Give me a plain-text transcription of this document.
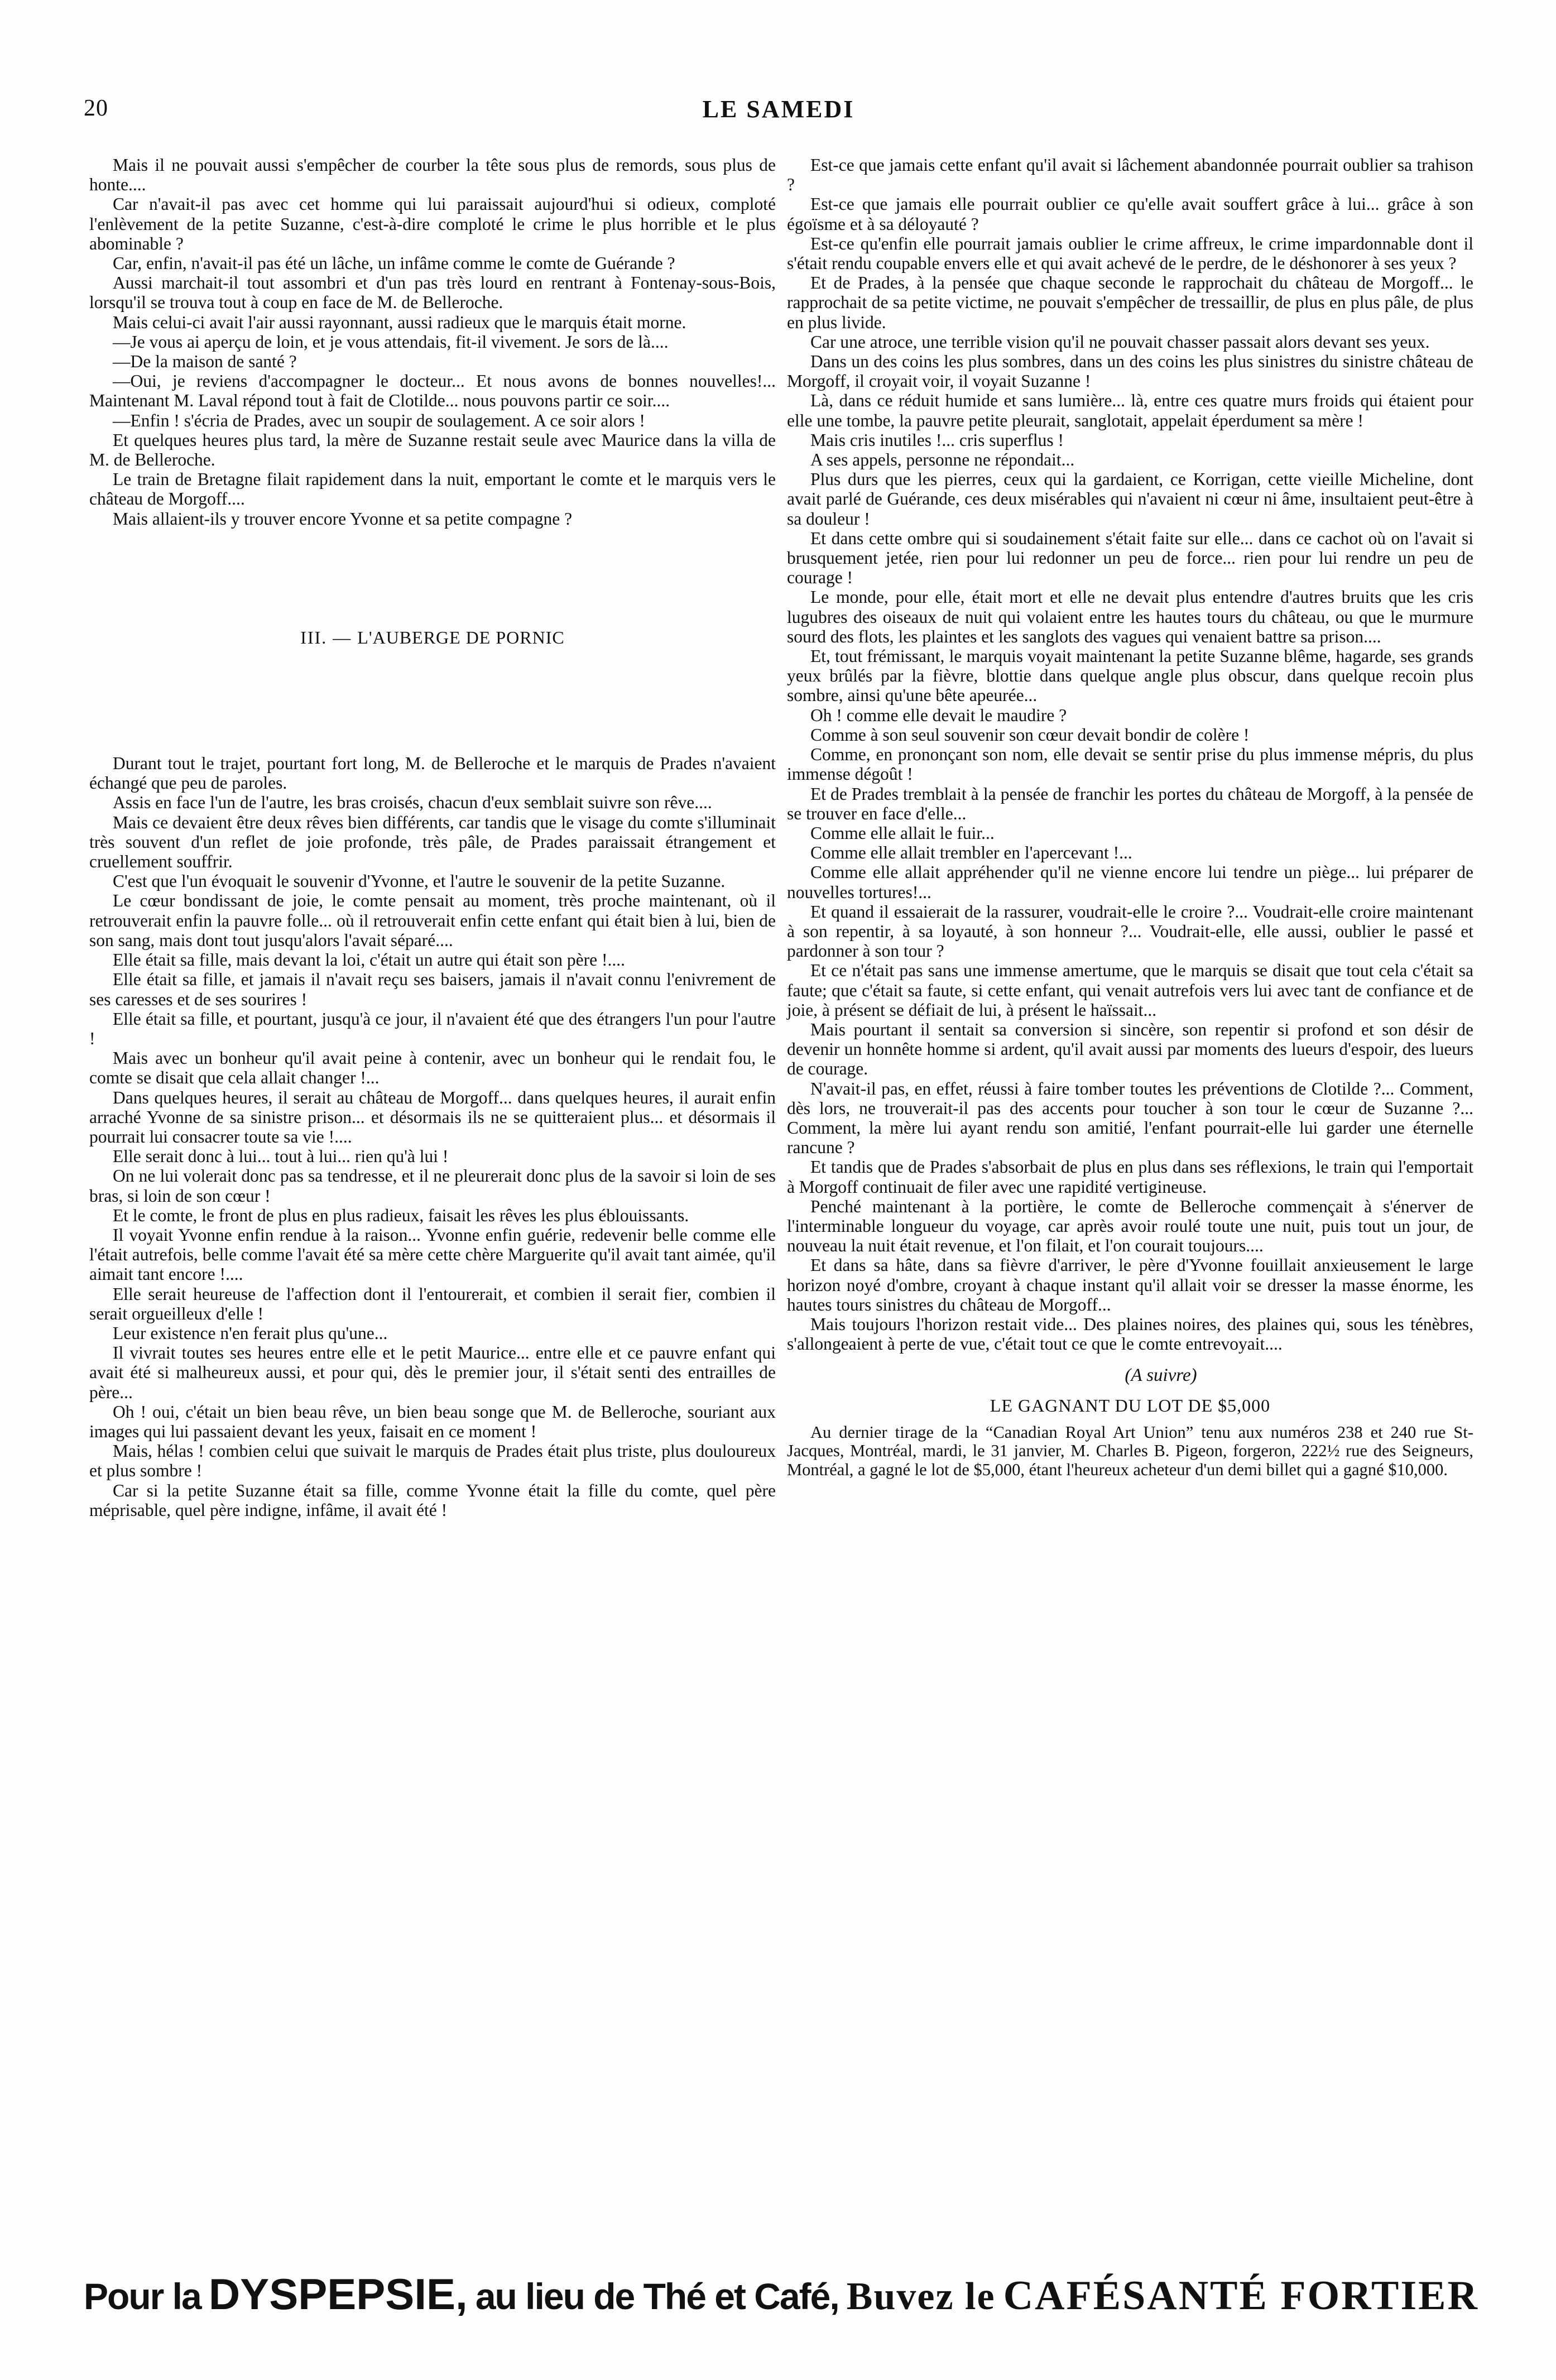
20	LE SAMEDI

Mais il ne pouvait aussi s'empêcher de courber la tête sous plus de remords, sous plus de honte....

Car n'avait-il pas avec cet homme qui lui paraissait aujourd'hui si odieux, comploté l'enlèvement de la petite Suzanne, c'est-à-dire comploté le crime le plus horrible et le plus abominable ?

Car, enfin, n'avait-il pas été un lâche, un infâme comme le comte de Guérande ?

Aussi marchait-il tout assombri et d'un pas très lourd en rentrant à Fontenay-sous-Bois, lorsqu'il se trouva tout à coup en face de M. de Belleroche.

Mais celui-ci avait l'air aussi rayonnant, aussi radieux que le marquis était morne.

—Je vous ai aperçu de loin, et je vous attendais, fit-il vivement. Je sors de là....

—De la maison de santé ?

—Oui, je reviens d'accompagner le docteur... Et nous avons de bonnes nouvelles!... Maintenant M. Laval répond tout à fait de Clotilde... nous pouvons partir ce soir....

—Enfin ! s'écria de Prades, avec un soupir de soulagement. A ce soir alors !

Et quelques heures plus tard, la mère de Suzanne restait seule avec Maurice dans la villa de M. de Belleroche.

Le train de Bretagne filait rapidement dans la nuit, emportant le comte et le marquis vers le château de Morgoff....

Mais allaient-ils y trouver encore Yvonne et sa petite compagne ?

III. — L'AUBERGE DE PORNIC

Durant tout le trajet, pourtant fort long, M. de Belleroche et le marquis de Prades n'avaient échangé que peu de paroles.

Assis en face l'un de l'autre, les bras croisés, chacun d'eux semblait suivre son rêve....

Mais ce devaient être deux rêves bien différents, car tandis que le visage du comte s'illuminait très souvent d'un reflet de joie profonde, très pâle, de Prades paraissait étrangement et cruellement souffrir.

C'est que l'un évoquait le souvenir d'Yvonne, et l'autre le souvenir de la petite Suzanne.

Le cœur bondissant de joie, le comte pensait au moment, très proche maintenant, où il retrouverait enfin la pauvre folle... où il retrouverait enfin cette enfant qui était bien à lui, bien de son sang, mais dont tout jusqu'alors l'avait séparé....

Elle était sa fille, mais devant la loi, c'était un autre qui était son père !....

Elle était sa fille, et jamais il n'avait reçu ses baisers, jamais il n'avait connu l'enivrement de ses caresses et de ses sourires !

Elle était sa fille, et pourtant, jusqu'à ce jour, il n'avaient été que des étrangers l'un pour l'autre !

Mais avec un bonheur qu'il avait peine à contenir, avec un bonheur qui le rendait fou, le comte se disait que cela allait changer !...

Dans quelques heures, il serait au château de Morgoff... dans quelques heures, il aurait enfin arraché Yvonne de sa sinistre prison... et désormais ils ne se quitteraient plus... et désormais il pourrait lui consacrer toute sa vie !....

Elle serait donc à lui... tout à lui... rien qu'à lui !

On ne lui volerait donc pas sa tendresse, et il ne pleurerait donc plus de la savoir si loin de ses bras, si loin de son cœur !

Et le comte, le front de plus en plus radieux, faisait les rêves les plus éblouissants.

Il voyait Yvonne enfin rendue à la raison... Yvonne enfin guérie, redevenir belle comme elle l'était autrefois, belle comme l'avait été sa mère cette chère Marguerite qu'il avait tant aimée, qu'il aimait tant encore !....

Elle serait heureuse de l'affection dont il l'entourerait, et combien il serait fier, combien il serait orgueilleux d'elle !

Leur existence n'en ferait plus qu'une...

Il vivrait toutes ses heures entre elle et le petit Maurice... entre elle et ce pauvre enfant qui avait été si malheureux aussi, et pour qui, dès le premier jour, il s'était senti des entrailles de père...

Oh ! oui, c'était un bien beau rêve, un bien beau songe que M. de Belleroche, souriant aux images qui lui passaient devant les yeux, faisait en ce moment !

Mais, hélas ! combien celui que suivait le marquis de Prades était plus triste, plus douloureux et plus sombre !

Car si la petite Suzanne était sa fille, comme Yvonne était la fille du comte, quel père méprisable, quel père indigne, infâme, il avait été !

Est-ce que jamais cette enfant qu'il avait si lâchement abandonnée pourrait oublier sa trahison ?

Est-ce que jamais elle pourrait oublier ce qu'elle avait souffert grâce à lui... grâce à son égoïsme et à sa déloyauté ?

Est-ce qu'enfin elle pourrait jamais oublier le crime affreux, le crime impardonnable dont il s'était rendu coupable envers elle et qui avait achevé de le perdre, de le déshonorer à ses yeux ?

Et de Prades, à la pensée que chaque seconde le rapprochait du château de Morgoff... le rapprochait de sa petite victime, ne pouvait s'empêcher de tressaillir, de plus en plus pâle, de plus en plus livide.

Car une atroce, une terrible vision qu'il ne pouvait chasser passait alors devant ses yeux.

Dans un des coins les plus sombres, dans un des coins les plus sinistres du sinistre château de Morgoff, il croyait voir, il voyait Suzanne !

Là, dans ce réduit humide et sans lumière... là, entre ces quatre murs froids qui étaient pour elle une tombe, la pauvre petite pleurait, sanglotait, appelait éperdument sa mère !

Mais cris inutiles !... cris superflus !

A ses appels, personne ne répondait...

Plus durs que les pierres, ceux qui la gardaient, ce Korrigan, cette vieille Micheline, dont avait parlé de Guérande, ces deux misérables qui n'avaient ni cœur ni âme, insultaient peut-être à sa douleur !

Et dans cette ombre qui si soudainement s'était faite sur elle... dans ce cachot où on l'avait si brusquement jetée, rien pour lui redonner un peu de force... rien pour lui rendre un peu de courage !

Le monde, pour elle, était mort et elle ne devait plus entendre d'autres bruits que les cris lugubres des oiseaux de nuit qui volaient entre les hautes tours du château, ou que le murmure sourd des flots, les plaintes et les sanglots des vagues qui venaient battre sa prison....

Et, tout frémissant, le marquis voyait maintenant la petite Suzanne blême, hagarde, ses grands yeux brûlés par la fièvre, blottie dans quelque angle plus obscur, dans quelque recoin plus sombre, ainsi qu'une bête apeurée...

Oh ! comme elle devait le maudire ?

Comme à son seul souvenir son cœur devait bondir de colère !

Comme, en prononçant son nom, elle devait se sentir prise du plus immense mépris, du plus immense dégoût !

Et de Prades tremblait à la pensée de franchir les portes du château de Morgoff, à la pensée de se trouver en face d'elle...

Comme elle allait le fuir...

Comme elle allait trembler en l'apercevant !...

Comme elle allait appréhender qu'il ne vienne encore lui tendre un piège... lui préparer de nouvelles tortures!...

Et quand il essaierait de la rassurer, voudrait-elle le croire ?... Voudrait-elle croire maintenant à son repentir, à sa loyauté, à son honneur ?... Voudrait-elle, elle aussi, oublier le passé et pardonner à son tour ?

Et ce n'était pas sans une immense amertume, que le marquis se disait que tout cela c'était sa faute; que c'était sa faute, si cette enfant, qui venait autrefois vers lui avec tant de confiance et de joie, à présent se défiait de lui, à présent le haïssait...

Mais pourtant il sentait sa conversion si sincère, son repentir si profond et son désir de devenir un honnête homme si ardent, qu'il avait aussi par moments des lueurs d'espoir, des lueurs de courage.

N'avait-il pas, en effet, réussi à faire tomber toutes les préventions de Clotilde ?... Comment, dès lors, ne trouverait-il pas des accents pour toucher à son tour le cœur de Suzanne ?... Comment, la mère lui ayant rendu son amitié, l'enfant pourrait-elle lui garder une éternelle rancune ?

Et tandis que de Prades s'absorbait de plus en plus dans ses réflexions, le train qui l'emportait à Morgoff continuait de filer avec une rapidité vertigineuse.

Penché maintenant à la portière, le comte de Belleroche commençait à s'énerver de l'interminable longueur du voyage, car après avoir roulé toute une nuit, puis tout un jour, de nouveau la nuit était revenue, et l'on filait, et l'on courait toujours....

Et dans sa hâte, dans sa fièvre d'arriver, le père d'Yvonne fouillait anxieusement le large horizon noyé d'ombre, croyant à chaque instant qu'il allait voir se dresser la masse énorme, les hautes tours sinistres du château de Morgoff...

Mais toujours l'horizon restait vide... Des plaines noires, des plaines qui, sous les ténèbres, s'allongeaient à perte de vue, c'était tout ce que le comte entrevoyait....

(A suivre)
LE GAGNANT DU LOT DE $5,000

Au dernier tirage de la “Canadian Royal Art Union” tenu aux numéros 238 et 240 rue St-Jacques, Montréal, mardi, le 31 janvier, M. Charles B. Pigeon, forgeron, 222½ rue des Seigneurs, Montréal, a gagné le lot de $5,000, étant l'heureux acheteur d'un demi billet qui a gagné $10,000.

Pour la DYSPEPSIE, au lieu de Thé et Café, Buvez le CAFÉSANTÉ FORTIER
